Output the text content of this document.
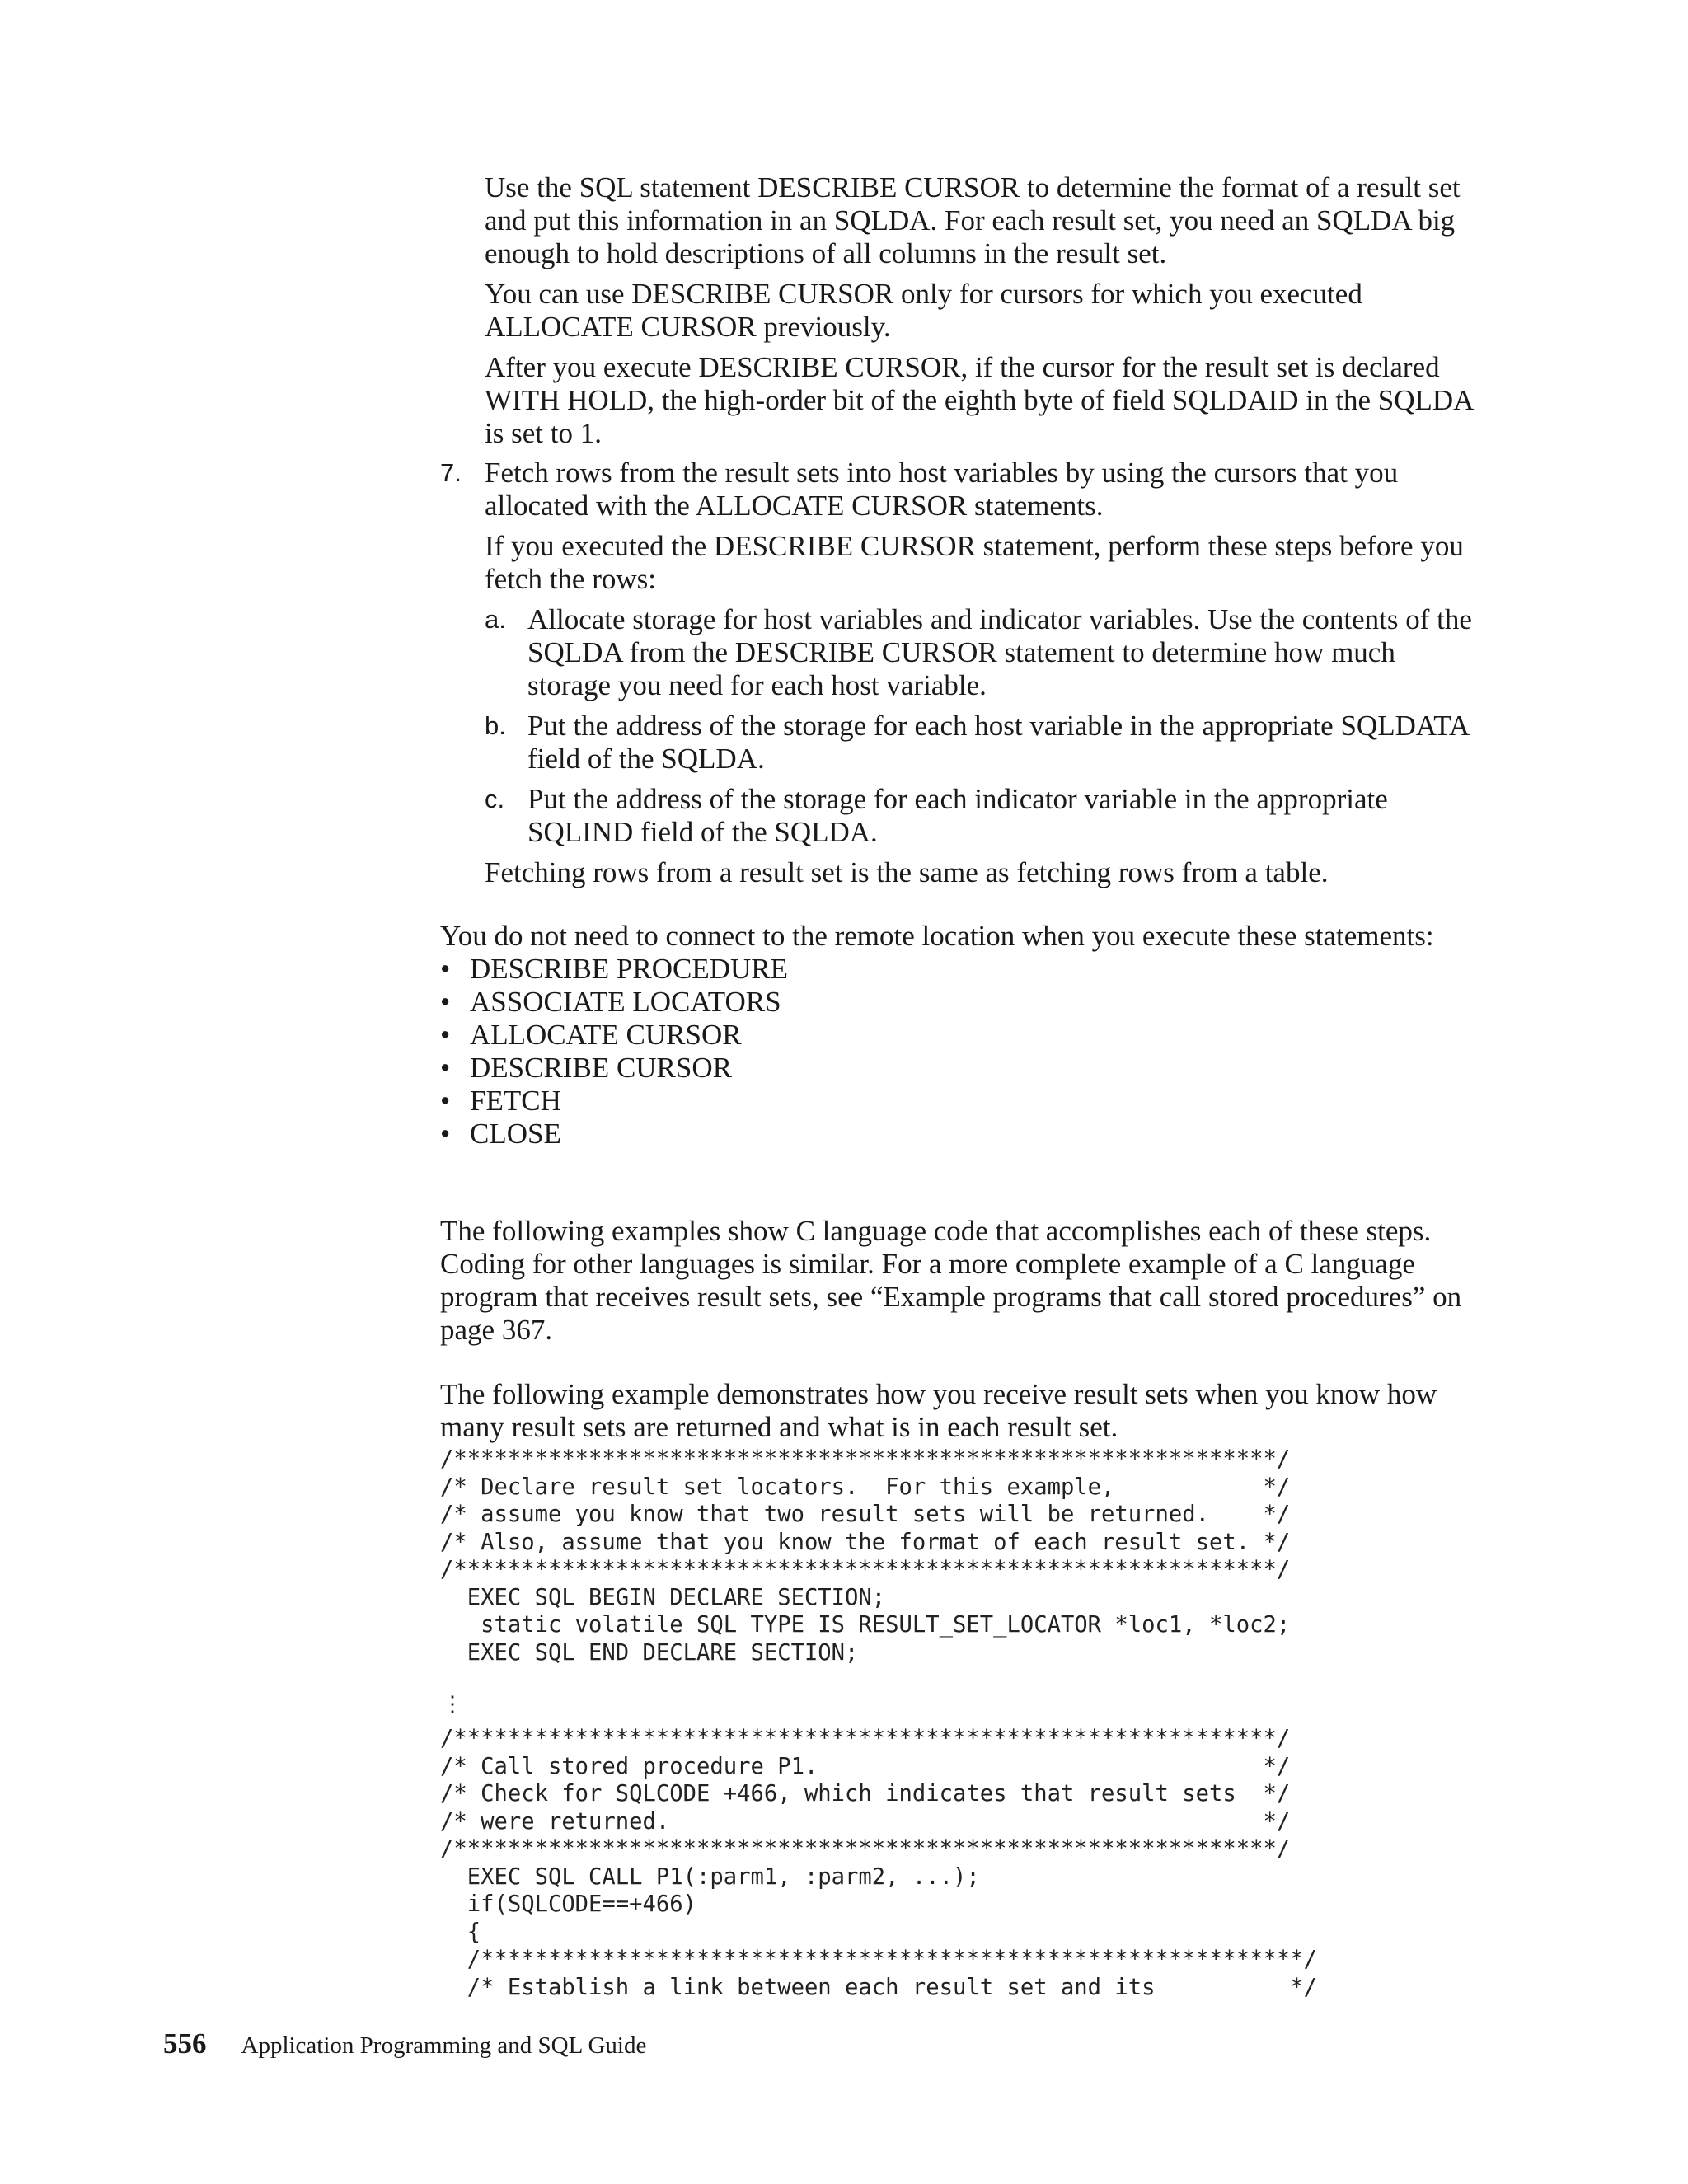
Use the SQL statement DESCRIBE CURSOR to determine the format of a result set and put this information in an SQLDA. For each result set, you need an SQLDA big enough to hold descriptions of all columns in the result set.

You can use DESCRIBE CURSOR only for cursors for which you executed ALLOCATE CURSOR previously.

After you execute DESCRIBE CURSOR, if the cursor for the result set is declared WITH HOLD, the high-order bit of the eighth byte of field SQLDAID in the SQLDA is set to 1.

7. Fetch rows from the result sets into host variables by using the cursors that you allocated with the ALLOCATE CURSOR statements.

If you executed the DESCRIBE CURSOR statement, perform these steps before you fetch the rows:

a. Allocate storage for host variables and indicator variables. Use the contents of the SQLDA from the DESCRIBE CURSOR statement to determine how much storage you need for each host variable.
b. Put the address of the storage for each host variable in the appropriate SQLDATA field of the SQLDA.
c. Put the address of the storage for each indicator variable in the appropriate SQLIND field of the SQLDA.

Fetching rows from a result set is the same as fetching rows from a table.

You do not need to connect to the remote location when you execute these statements:

• DESCRIBE PROCEDURE
• ASSOCIATE LOCATORS
• ALLOCATE CURSOR
• DESCRIBE CURSOR
• FETCH
• CLOSE

The following examples show C language code that accomplishes each of these steps. Coding for other languages is similar. For a more complete example of a C language program that receives result sets, see “Example programs that call stored procedures” on page 367.

The following example demonstrates how you receive result sets when you know how many result sets are returned and what is in each result set.

/*************************************************************/
/* Declare result set locators.  For this example,           */
/* assume you know that two result sets will be returned.    */
/* Also, assume that you know the format of each result set. */
/*************************************************************/
EXEC SQL BEGIN DECLARE SECTION;
static volatile SQL TYPE IS RESULT_SET_LOCATOR *loc1, *loc2;
EXEC SQL END DECLARE SECTION;
⋮
/*************************************************************/
/* Call stored procedure P1.                                 */
/* Check for SQLCODE +466, which indicates that result sets  */
/* were returned.                                            */
/*************************************************************/
EXEC SQL CALL P1(:parm1, :parm2, ...);
if(SQLCODE==+466)
{
/*************************************************************/
/* Establish a link between each result set and its          */
556 Application Programming and SQL Guide
